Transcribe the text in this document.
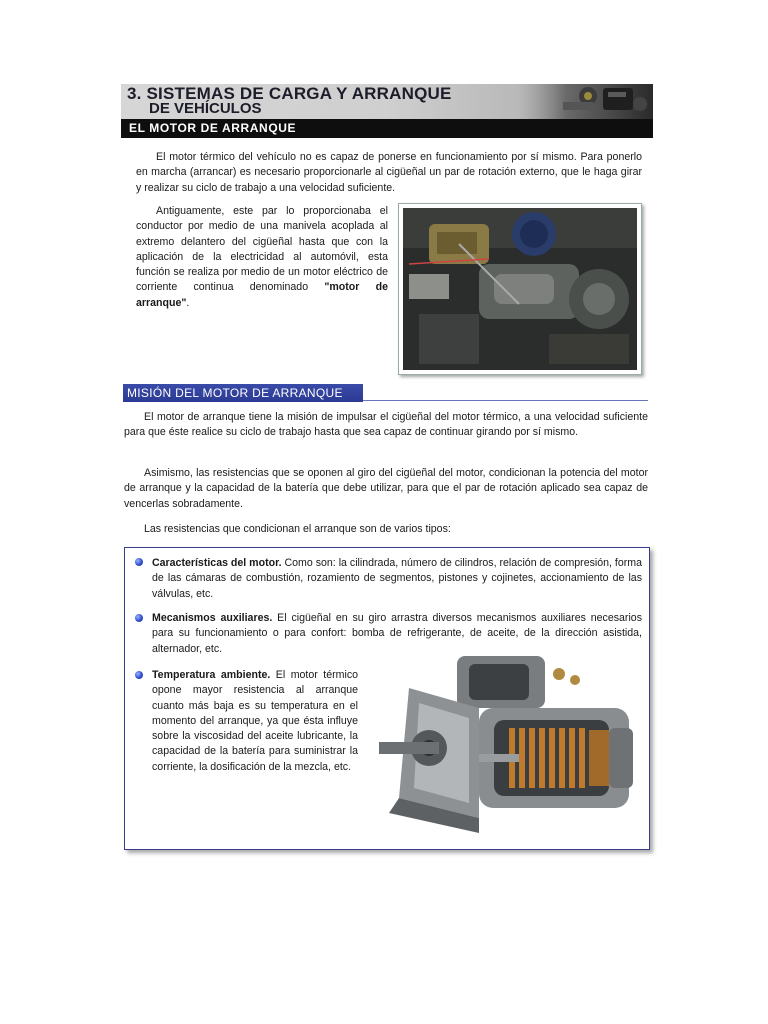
3. SISTEMAS DE CARGA Y ARRANQUE
DE VEHÍCULOS
EL MOTOR DE ARRANQUE
El motor térmico del vehículo no es capaz de ponerse en funcionamiento por sí mismo. Para ponerlo en marcha (arrancar) es necesario proporcionarle al cigüeñal un par de rotación externo, que le haga girar y realizar su ciclo de trabajo a una velocidad suficiente.
Antiguamente, este par lo proporcionaba el conductor por medio de una manivela acoplada al extremo delantero del cigüeñal hasta que con la aplicación de la electricidad al automóvil, esta función se realiza por medio de un motor eléctrico de corriente continua denominado "motor de arranque".
MISIÓN DEL MOTOR DE ARRANQUE
El motor de arranque tiene la misión de impulsar el cigüeñal del motor térmico, a una velocidad suficiente para que éste realice su ciclo de trabajo hasta que sea capaz de continuar girando por sí mismo.
Asimismo, las resistencias que se oponen al giro del cigüeñal del motor, condicionan la potencia del motor de arranque y la capacidad de la batería que debe utilizar, para que el par de rotación aplicado sea capaz de vencerlas sobradamente.
Las resistencias que condicionan el arranque son de varios tipos:
Características del motor. Como son: la cilindrada, número de cilindros, relación de compresión, forma de las cámaras de combustión, rozamiento de segmentos, pistones y cojinetes, accionamiento de las válvulas, etc.
Mecanismos auxiliares. El cigüeñal en su giro arrastra diversos mecanismos auxiliares necesarios para su funcionamiento o para confort: bomba de refrigerante, de aceite, de la dirección asistida, alternador, etc.
Temperatura ambiente. El motor térmico opone mayor resistencia al arranque cuanto más baja es su temperatura en el momento del arranque, ya que ésta influye sobre la viscosidad del aceite lubricante, la capacidad de la batería para suministrar la corriente, la dosificación de la mezcla, etc.
